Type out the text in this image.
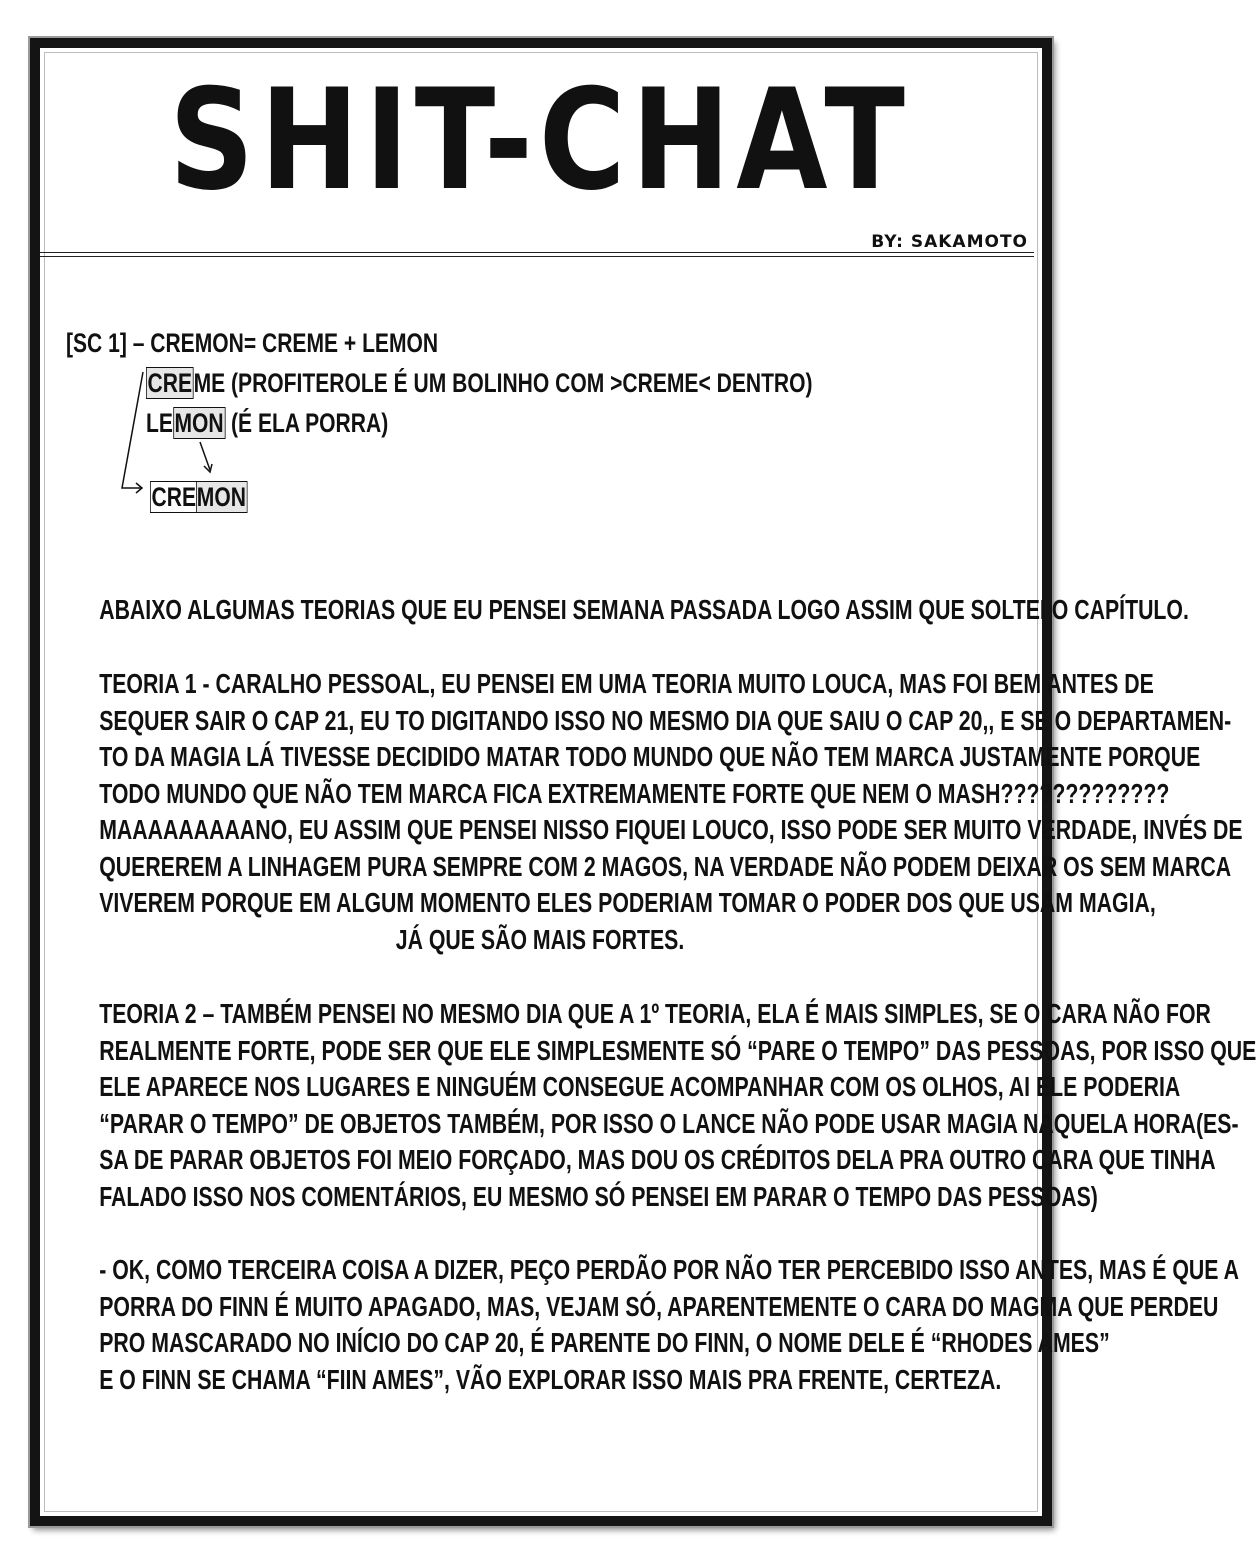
SHIT-CHAT
BY: SAKAMOTO
[SC 1] – CREMON= CREME + LEMON
CREME (PROFITEROLE É UM BOLINHO COM >CREME< DENTRO)
LEMON (É ELA PORRA)
CREMON
ABAIXO ALGUMAS TEORIAS QUE EU PENSEI SEMANA PASSADA LOGO ASSIM QUE SOLTEI O CAPÍTULO.
TEORIA 1 - CARALHO PESSOAL, EU PENSEI EM UMA TEORIA MUITO LOUCA, MAS FOI BEM ANTES DE
SEQUER SAIR O CAP 21, EU TO DIGITANDO ISSO NO MESMO DIA QUE SAIU O CAP 20,, E SE O DEPARTAMEN-
TO DA MAGIA LÁ TIVESSE DECIDIDO MATAR TODO MUNDO QUE NÃO TEM MARCA JUSTAMENTE PORQUE
TODO MUNDO QUE NÃO TEM MARCA FICA EXTREMAMENTE FORTE QUE NEM O MASH?????????????
MAAAAAAAAANO, EU ASSIM QUE PENSEI NISSO FIQUEI LOUCO, ISSO PODE SER MUITO VERDADE, INVÉS DE
QUEREREM A LINHAGEM PURA SEMPRE COM 2 MAGOS, NA VERDADE NÃO PODEM DEIXAR OS SEM MARCA
VIVEREM PORQUE EM ALGUM MOMENTO ELES PODERIAM TOMAR O PODER DOS QUE USAM MAGIA,
JÁ QUE SÃO MAIS FORTES.
TEORIA 2 – TAMBÉM PENSEI NO MESMO DIA QUE A 1º TEORIA, ELA É MAIS SIMPLES, SE O CARA NÃO FOR
REALMENTE FORTE, PODE SER QUE ELE SIMPLESMENTE SÓ “PARE O TEMPO” DAS PESSOAS, POR ISSO QUE
ELE APARECE NOS LUGARES E NINGUÉM CONSEGUE ACOMPANHAR COM OS OLHOS, AI ELE PODERIA
“PARAR O TEMPO” DE OBJETOS TAMBÉM, POR ISSO O LANCE NÃO PODE USAR MAGIA NAQUELA HORA(ES-
SA DE PARAR OBJETOS FOI MEIO FORÇADO, MAS DOU OS CRÉDITOS DELA PRA OUTRO CARA QUE TINHA
FALADO ISSO NOS COMENTÁRIOS, EU MESMO SÓ PENSEI EM PARAR O TEMPO DAS PESSOAS)
- OK, COMO TERCEIRA COISA A DIZER, PEÇO PERDÃO POR NÃO TER PERCEBIDO ISSO ANTES, MAS É QUE A
PORRA DO FINN É MUITO APAGADO, MAS, VEJAM SÓ, APARENTEMENTE O CARA DO MAGMA QUE PERDEU
PRO MASCARADO NO INÍCIO DO CAP 20, É PARENTE DO FINN, O NOME DELE É “RHODES AMES”
E O FINN SE CHAMA “FIIN AMES”, VÃO EXPLORAR ISSO MAIS PRA FRENTE, CERTEZA.
